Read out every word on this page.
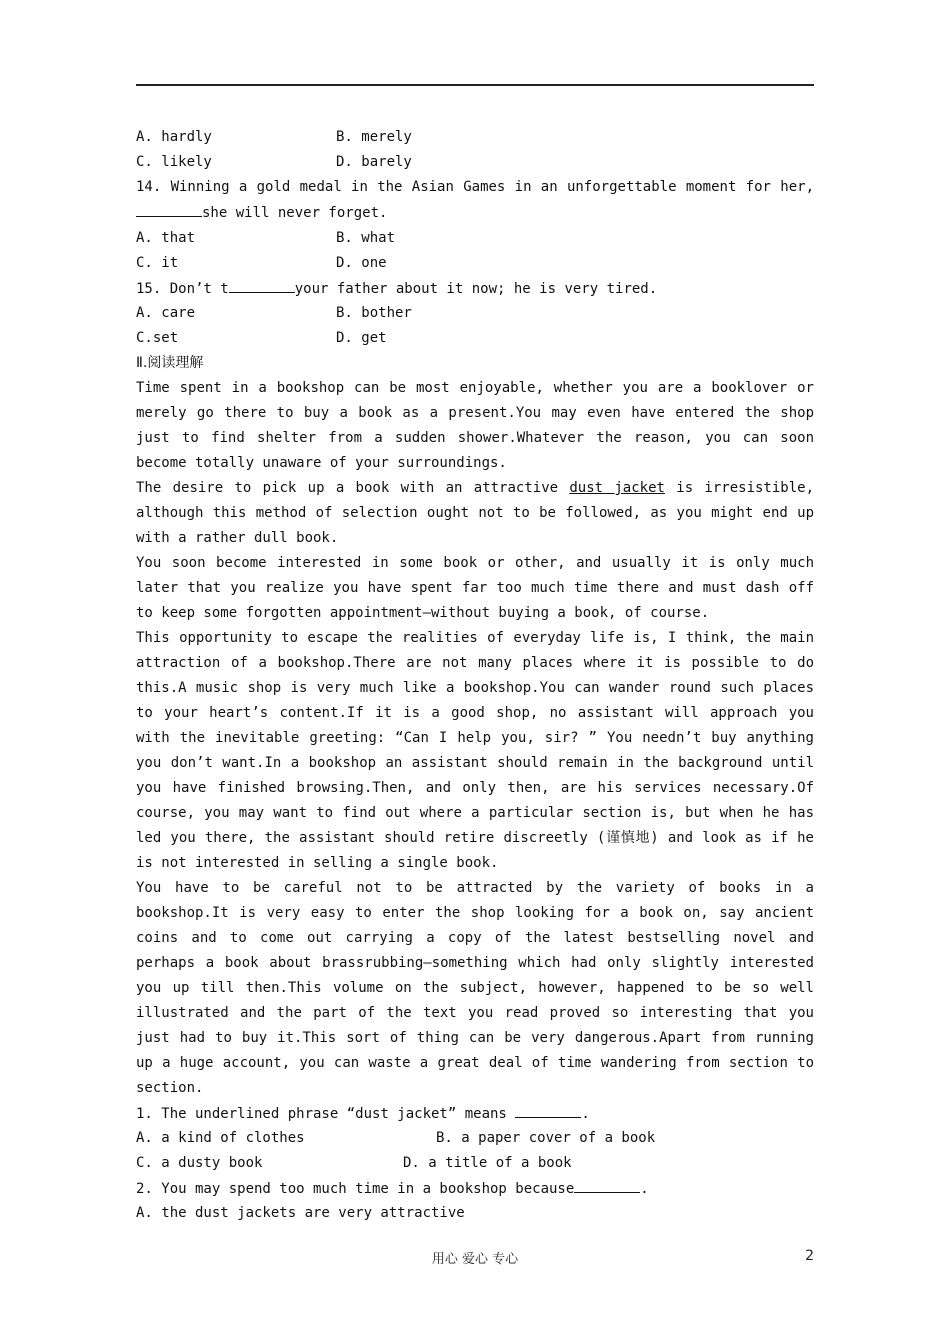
A. hardly	B. merely
C. likely	D. barely
14. Winning a gold medal in the Asian Games in an unforgettable moment for her,she will never forget.
A. that	B. what
C. it	D. one
15. Don’t t	your father about it now; he is very tired.
A. care	B. bother
C.set	D. get
Ⅱ.阅读理解
Time spent in a bookshop can be most enjoyable, whether you are a booklover or merely go there to buy a book as a present.You may even have entered the shop just to find shelter from a sudden shower.Whatever the reason, you can soon become totally unaware of your surroundings.
The desire to pick up a book with an attractive dust jacket is irresistible, although this method of selection ought not to be followed, as you might end up with a rather dull book.
You soon become interested in some book or other, and usually it is only much later that you realize you have spent far too much time there and must dash off to keep some forgotten appointment—without buying a book, of course.
This opportunity to escape the realities of everyday life is, I think, the main attraction of a bookshop.There are not many places where it is possible to do this.A music shop is very much like a bookshop.You can wander round such places to your heart’s content.If it is a good shop, no assistant will approach you with the inevitable greeting: “Can I help you, sir? ” You needn’t buy anything you don’t want.In a bookshop an assistant should remain in the background until you have finished browsing.Then, and only then, are his services necessary.Of course, you may want to find out where a particular section is, but when he has led you there, the assistant should retire discreetly (谨慎地) and look as if he is not interested in selling a single book.
You have to be careful not to be attracted by the variety of books in a bookshop.It is very easy to enter the shop looking for a book on, say ancient coins and to come out carrying a copy of the latest bestselling novel and perhaps a book about brassrubbing—something which had only slightly interested you up till then.This volume on the subject, however, happened to be so well illustrated and the part of the text you read proved so interesting that you just had to buy it.This sort of thing can be very dangerous.Apart from running up a huge account, you can waste a great deal of time wandering from section to section.
1. The underlined phrase “dust jacket” means	.
A. a kind of clothes	B. a paper cover of a book
C. a dusty book	D. a title of a book
2. You may spend too much time in a bookshop because	.
A. the dust jackets are very attractive
用心 爱心 专心	2
